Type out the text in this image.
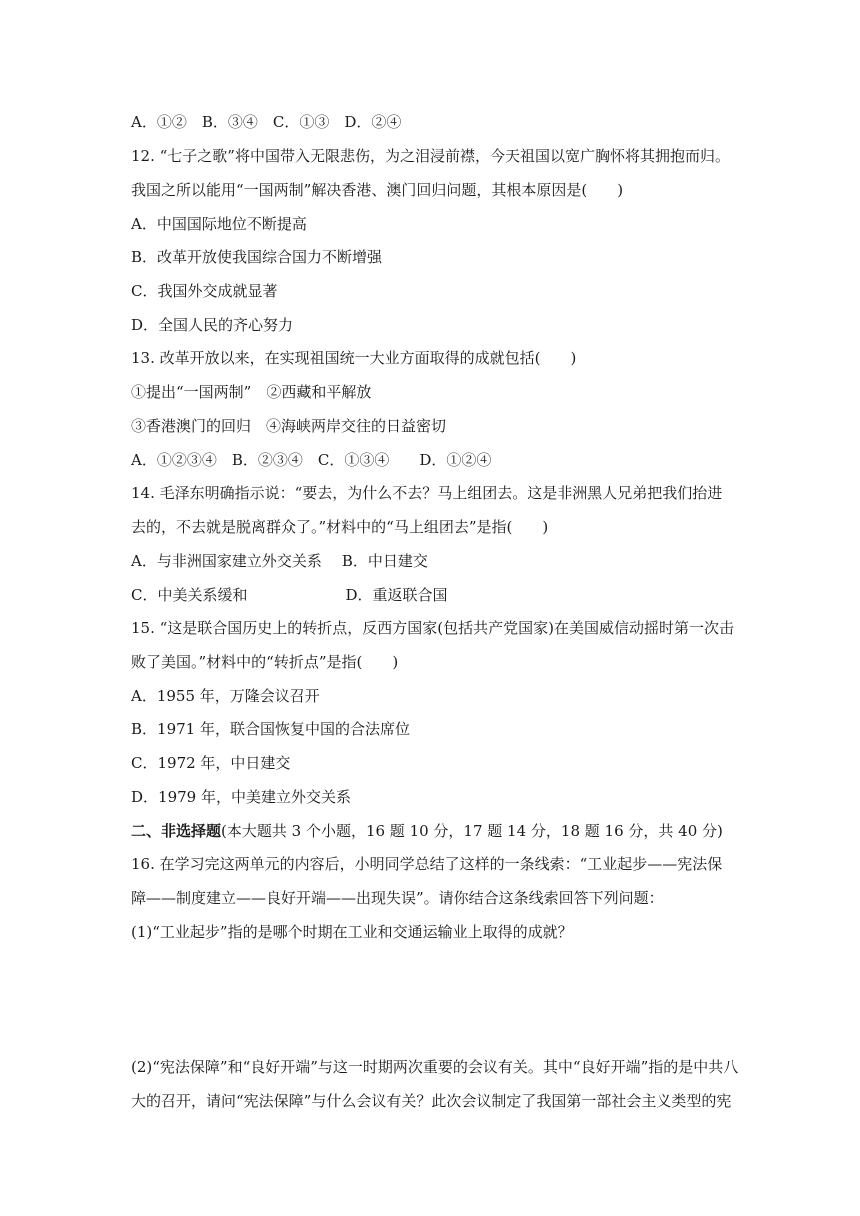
A．①②　B．③④　C．①③　D．②④
12. “七子之歌”将中国带入无限悲伤，为之泪浸前襟，今天祖国以宽广胸怀将其拥抱而归。
我国之所以能用“一国两制”解决香港、澳门回归问题，其根本原因是(　　)
A．中国国际地位不断提高
B．改革开放使我国综合国力不断增强
C．我国外交成就显著
D．全国人民的齐心努力
13. 改革开放以来，在实现祖国统一大业方面取得的成就包括(　　)
①提出“一国两制”　②西藏和平解放
③香港澳门的回归　④海峡两岸交往的日益密切
A．①②③④　B．②③④　C．①③④　　D．①②④
14. 毛泽东明确指示说：“要去，为什么不去？马上组团去。这是非洲黑人兄弟把我们抬进
去的，不去就是脱离群众了。”材料中的“马上组团去”是指(　　)
A．与非洲国家建立外交关系 B．中日建交
C．中美关系缓和	D．重返联合国
15. “这是联合国历史上的转折点，反西方国家(包括共产党国家)在美国威信动摇时第一次击
败了美国。”材料中的“转折点”是指(　　)
A．1955 年，万隆会议召开
B．1971 年，联合国恢复中国的合法席位
C．1972 年，中日建交
D．1979 年，中美建立外交关系
二、非选择题(本大题共 3 个小题，16 题 10 分，17 题 14 分，18 题 16 分，共 40 分)
16. 在学习完这两单元的内容后，小明同学总结了这样的一条线索：“工业起步——宪法保
障——制度建立——良好开端——出现失误”。请你结合这条线索回答下列问题：
(1)“工业起步”指的是哪个时期在工业和交通运输业上取得的成就？
(2)“宪法保障”和“良好开端”与这一时期两次重要的会议有关。其中“良好开端”指的是中共八
大的召开，请问“宪法保障”与什么会议有关？此次会议制定了我国第一部社会主义类型的宪
